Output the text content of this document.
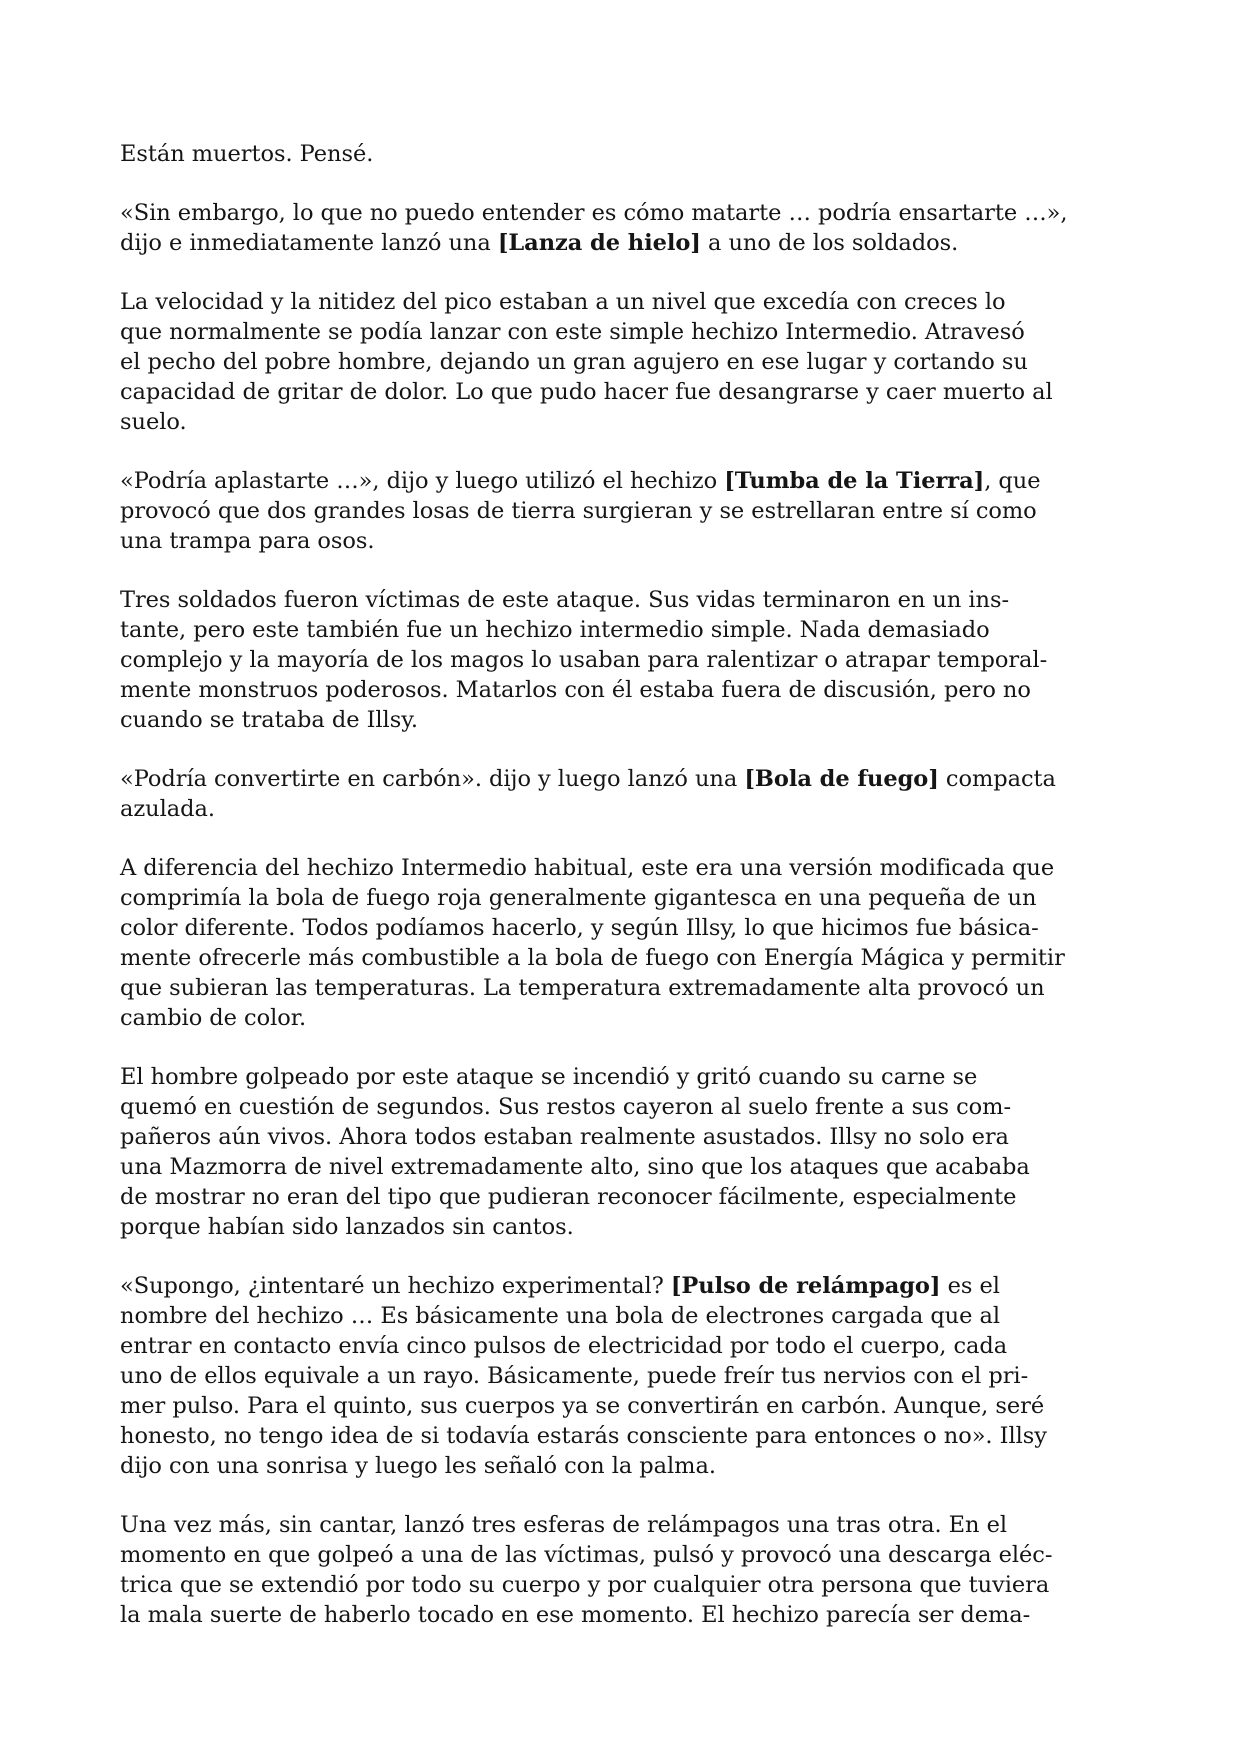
Están muertos. Pensé.

«Sin embargo, lo que no puedo entender es cómo matarte … podría ensartarte …»,
dijo e inmediatamente lanzó una [Lanza de hielo] a uno de los soldados.

La velocidad y la nitidez del pico estaban a un nivel que excedía con creces lo
que normalmente se podía lanzar con este simple hechizo Intermedio. Atravesó
el pecho del pobre hombre, dejando un gran agujero en ese lugar y cortando su
capacidad de gritar de dolor. Lo que pudo hacer fue desangrarse y caer muerto al
suelo.

«Podría aplastarte …», dijo y luego utilizó el hechizo [Tumba de la Tierra], que
provocó que dos grandes losas de tierra surgieran y se estrellaran entre sí como
una trampa para osos.

Tres soldados fueron víctimas de este ataque. Sus vidas terminaron en un ins-
tante, pero este también fue un hechizo intermedio simple. Nada demasiado
complejo y la mayoría de los magos lo usaban para ralentizar o atrapar temporal-
mente monstruos poderosos. Matarlos con él estaba fuera de discusión, pero no
cuando se trataba de Illsy.

«Podría convertirte en carbón». dijo y luego lanzó una [Bola de fuego] compacta
azulada.

A diferencia del hechizo Intermedio habitual, este era una versión modificada que
comprimía la bola de fuego roja generalmente gigantesca en una pequeña de un
color diferente. Todos podíamos hacerlo, y según Illsy, lo que hicimos fue básica-
mente ofrecerle más combustible a la bola de fuego con Energía Mágica y permitir
que subieran las temperaturas. La temperatura extremadamente alta provocó un
cambio de color.

El hombre golpeado por este ataque se incendió y gritó cuando su carne se
quemó en cuestión de segundos. Sus restos cayeron al suelo frente a sus com-
pañeros aún vivos. Ahora todos estaban realmente asustados. Illsy no solo era
una Mazmorra de nivel extremadamente alto, sino que los ataques que acababa
de mostrar no eran del tipo que pudieran reconocer fácilmente, especialmente
porque habían sido lanzados sin cantos.

«Supongo, ¿intentaré un hechizo experimental? [Pulso de relámpago] es el
nombre del hechizo … Es básicamente una bola de electrones cargada que al
entrar en contacto envía cinco pulsos de electricidad por todo el cuerpo, cada
uno de ellos equivale a un rayo. Básicamente, puede freír tus nervios con el pri-
mer pulso. Para el quinto, sus cuerpos ya se convertirán en carbón. Aunque, seré
honesto, no tengo idea de si todavía estarás consciente para entonces o no». Illsy
dijo con una sonrisa y luego les señaló con la palma.

Una vez más, sin cantar, lanzó tres esferas de relámpagos una tras otra. En el
momento en que golpeó a una de las víctimas, pulsó y provocó una descarga eléc-
trica que se extendió por todo su cuerpo y por cualquier otra persona que tuviera
la mala suerte de haberlo tocado en ese momento. El hechizo parecía ser dema-
